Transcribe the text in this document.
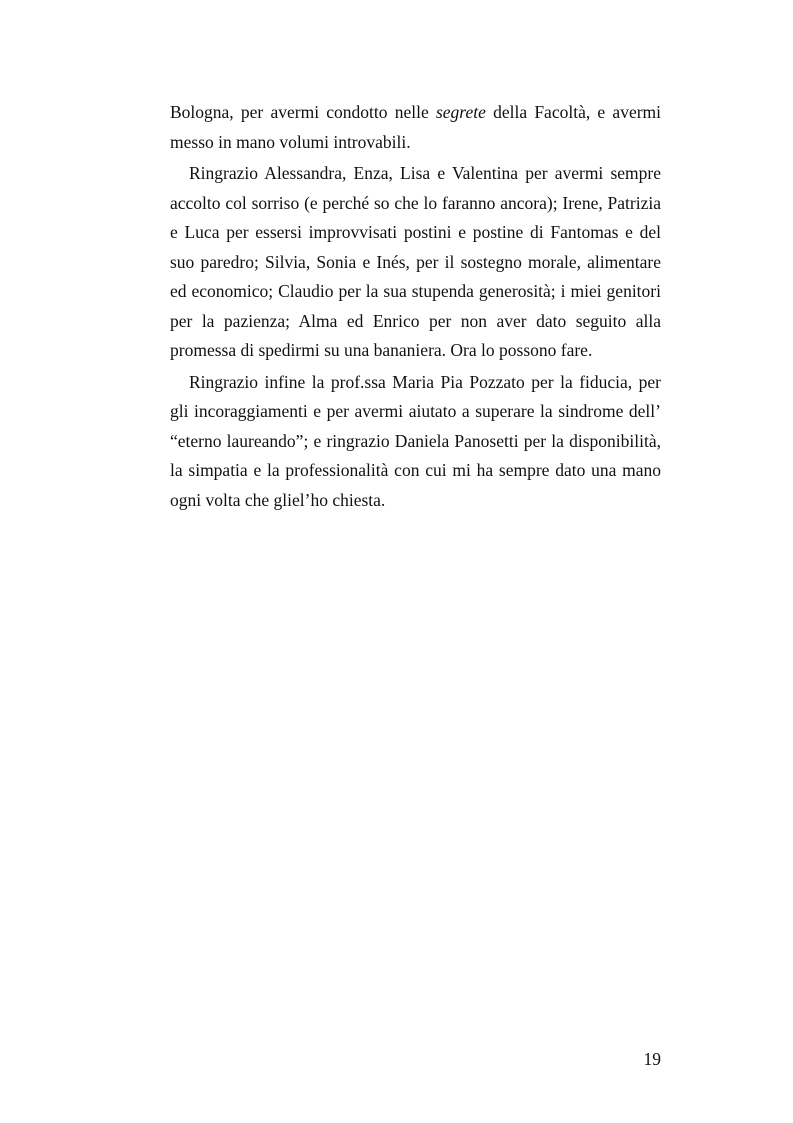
Bologna, per avermi condotto nelle segrete della Facoltà, e avermi messo in mano volumi introvabili.

Ringrazio Alessandra, Enza, Lisa e Valentina per avermi sempre accolto col sorriso (e perché so che lo faranno ancora); Irene, Patrizia e Luca per essersi improvvisati postini e postine di Fantomas e del suo paredro; Silvia, Sonia e Inés, per il sostegno morale, alimentare ed economico; Claudio per la sua stupenda generosità; i miei genitori per la pazienza; Alma ed Enrico per non aver dato seguito alla promessa di spedirmi su una bananiera. Ora lo possono fare.

Ringrazio infine la prof.ssa Maria Pia Pozzato per la fiducia, per gli incoraggiamenti e per avermi aiutato a superare la sindrome dell’ “eterno laureando”; e ringrazio Daniela Panosetti per la disponibilità, la simpatia e la professionalità con cui mi ha sempre dato una mano ogni volta che gliel’ho chiesta.

19
